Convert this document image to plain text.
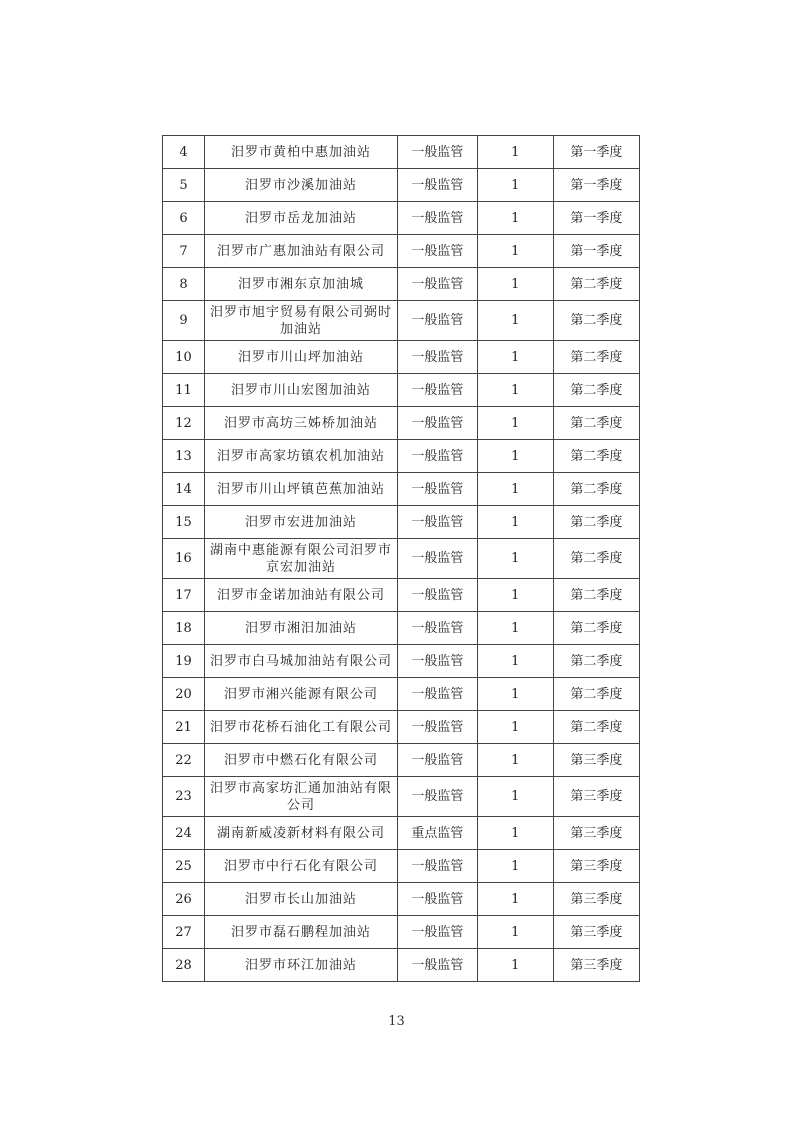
4	汨罗市黄柏中惠加油站	一般监管	1	第一季度
5	汨罗市沙溪加油站	一般监管	1	第一季度
6	汨罗市岳龙加油站	一般监管	1	第一季度
7	汨罗市广惠加油站有限公司	一般监管	1	第一季度
8	汨罗市湘东京加油城	一般监管	1	第二季度
9	汨罗市旭宇贸易有限公司弼时加油站	一般监管	1	第二季度
10	汨罗市川山坪加油站	一般监管	1	第二季度
11	汨罗市川山宏图加油站	一般监管	1	第二季度
12	汨罗市高坊三姊桥加油站	一般监管	1	第二季度
13	汨罗市高家坊镇农机加油站	一般监管	1	第二季度
14	汨罗市川山坪镇芭蕉加油站	一般监管	1	第二季度
15	汨罗市宏进加油站	一般监管	1	第二季度
16	湖南中惠能源有限公司汨罗市京宏加油站	一般监管	1	第二季度
17	汨罗市金诺加油站有限公司	一般监管	1	第二季度
18	汨罗市湘汨加油站	一般监管	1	第二季度
19	汨罗市白马城加油站有限公司	一般监管	1	第二季度
20	汨罗市湘兴能源有限公司	一般监管	1	第二季度
21	汨罗市花桥石油化工有限公司	一般监管	1	第二季度
22	汨罗市中燃石化有限公司	一般监管	1	第三季度
23	汨罗市高家坊汇通加油站有限公司	一般监管	1	第三季度
24	湖南新威凌新材料有限公司	重点监管	1	第三季度
25	汨罗市中行石化有限公司	一般监管	1	第三季度
26	汨罗市长山加油站	一般监管	1	第三季度
27	汨罗市磊石鹏程加油站	一般监管	1	第三季度
28	汨罗市环江加油站	一般监管	1	第三季度
13
